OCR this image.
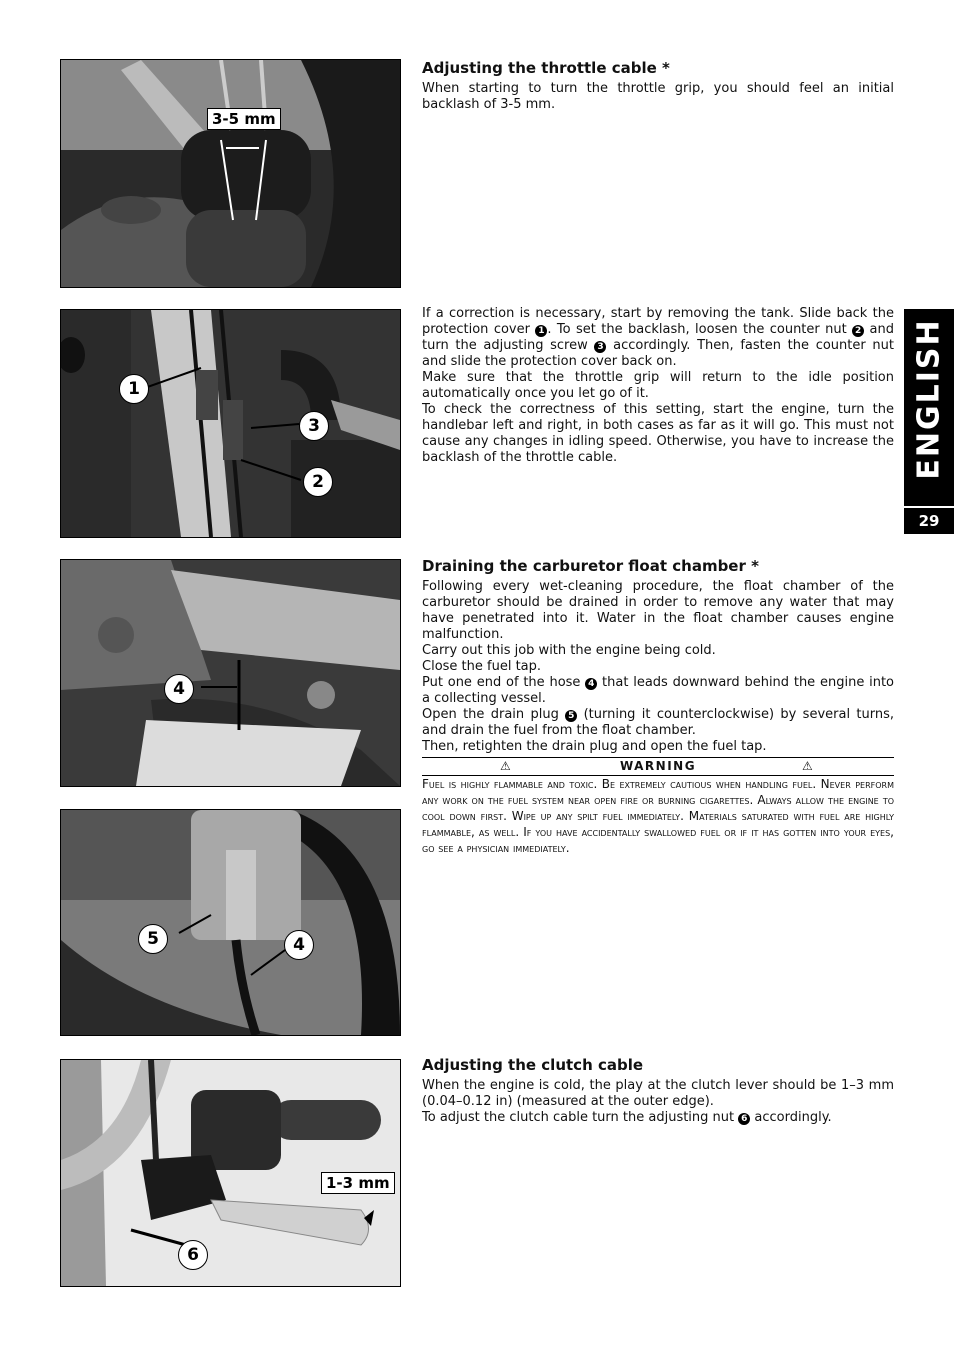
3-5 mm
Adjusting the throttle cable *

When starting to turn the throttle grip, you should feel an initial backlash of 3-5 mm.

1
3
2

If a correction is necessary, start by removing the tank. Slide back the protection cover 1 . To set the backlash, loosen the counter nut 2 and turn the adjusting screw 3 accordingly. Then, fasten the counter nut and slide the protection cover back on.

Make sure that the throttle grip will return to the idle position automatically once you let go of it.

To check the correctness of this setting, start the engine, turn the handlebar left and right, in both cases as far as it will go. This must not cause any changes in idling speed. Otherwise, you have to increase the backlash of the throttle cable.	ENGLISH
29
4
Draining the carburetor float chamber *

Following every wet-cleaning procedure, the float chamber of the carburetor should be drained in order to remove any water that may have penetrated into it. Water in the float chamber causes engine malfunction.

Carry out this job with the engine being cold.

Close the fuel tap.

Put one end of the hose 4 that leads downward behind the engine into a collecting vessel.

Open the drain plug 5 (turning it counterclockwise) by several turns, and drain the fuel from the float chamber.

Then, retighten the drain plug and open the fuel tap.

⚠	WARNING	⚠

Fuel is highly flammable and toxic. Be extremely cautious when handling fuel. Never perform any work on the fuel system near open fire or burning cigarettes. Always allow the engine to cool down first. Wipe up any spilt fuel immediately. Materials saturated with fuel are highly flammable, as well. If you have accidentally swallowed fuel or if it has gotten into your eyes, go see a physician immediately.

5	4
1-3 mm
6
Adjusting the clutch cable

When the engine is cold, the play at the clutch lever should be 1–3 mm (0.04–0.12 in) (measured at the outer edge).

To adjust the clutch cable turn the adjusting nut 6 accordingly.
